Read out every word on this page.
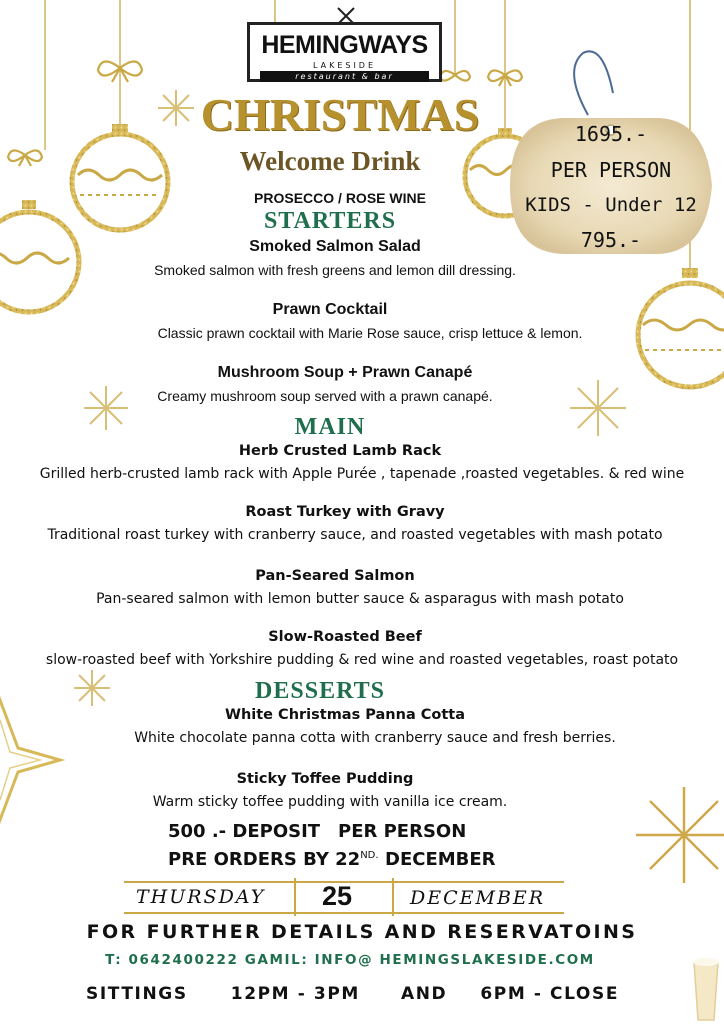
HEMINGWAYS
LAKESIDE
restaurant & bar
1695.-
PER PERSON
KIDS - Under 12
795.-
CHRISTMAS
Welcome Drink
PROSECCO / ROSE WINE
STARTERS
Smoked Salmon Salad
Smoked salmon with fresh greens and lemon dill dressing.
Prawn Cocktail
Classic prawn cocktail with Marie Rose sauce, crisp lettuce & lemon.
Mushroom Soup + Prawn Canapé
Creamy mushroom soup served with a prawn canapé.
MAIN
Herb Crusted Lamb Rack
Grilled herb-crusted lamb rack with Apple Purée , tapenade ,roasted vegetables. & red wine
Roast Turkey with Gravy
Traditional roast turkey with cranberry sauce, and roasted vegetables with mash potato
Pan-Seared Salmon
Pan-seared salmon with lemon butter sauce & asparagus with mash potato
Slow-Roasted Beef
slow-roasted beef with Yorkshire pudding & red wine and roasted vegetables, roast potato
DESSERTS
White Christmas Panna Cotta
White chocolate panna cotta with cranberry sauce and fresh berries.
Sticky Toffee Pudding
Warm sticky toffee pudding with vanilla ice cream.
500 .- DEPOSIT PER PERSON
PRE ORDERS BY $22^{ND.}$ DECEMBER
THURSDAY 25	DECEMBER
FOR FURTHER DETAILS AND RESERVATOINS
T: 0642400222 GAMIL: INFO@ HEMINGSLAKESIDE.COM
SITTINGS	12PM - 3PM AND 6PM - CLOSE
